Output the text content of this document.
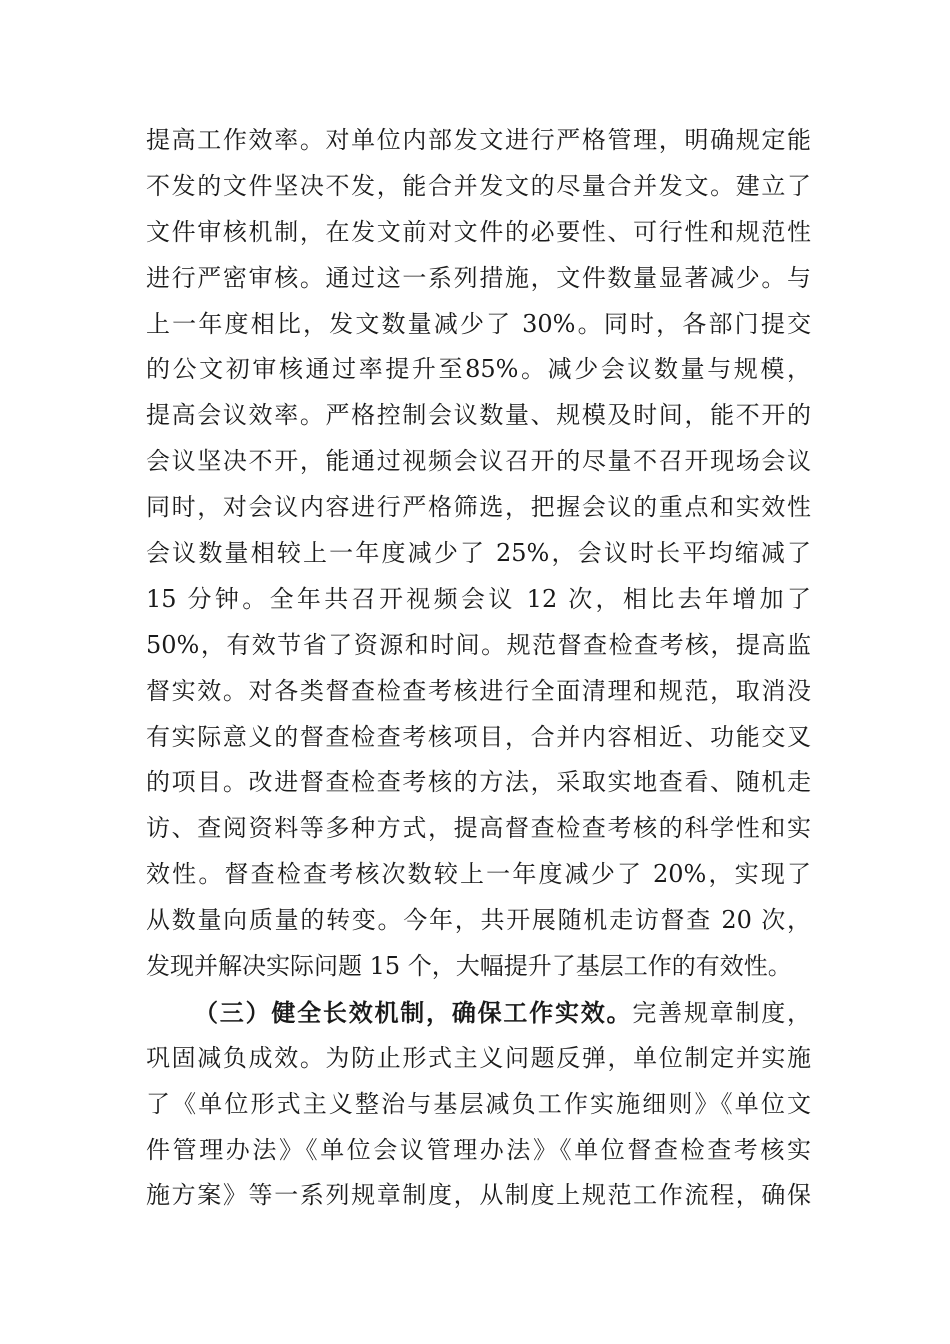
提高工作效率。对单位内部发文进行严格管理，明确规定能
不发的文件坚决不发，能合并发文的尽量合并发文。建立了
文件审核机制，在发文前对文件的必要性、可行性和规范性
进行严密审核。通过这一系列措施，文件数量显著减少。与
上一年度相比，发文数量减少了 30%。同时，各部门提交
的公文初审核通过率提升至85%。减少会议数量与规模，
提高会议效率。严格控制会议数量、规模及时间，能不开的
会议坚决不开，能通过视频会议召开的尽量不召开现场会议
同时，对会议内容进行严格筛选，把握会议的重点和实效性
会议数量相较上一年度减少了 25%，会议时长平均缩减了
15 分钟。全年共召开视频会议 12 次，相比去年增加了
50%，有效节省了资源和时间。规范督查检查考核，提高监
督实效。对各类督查检查考核进行全面清理和规范，取消没
有实际意义的督查检查考核项目，合并内容相近、功能交叉
的项目。改进督查检查考核的方法，采取实地查看、随机走
访、查阅资料等多种方式，提高督查检查考核的科学性和实
效性。督查检查考核次数较上一年度减少了 20%，实现了
从数量向质量的转变。今年，共开展随机走访督查 20 次，
发现并解决实际问题 15 个，大幅提升了基层工作的有效性。
（三）健全长效机制，确保工作实效。完善规章制度，
巩固减负成效。为防止形式主义问题反弹，单位制定并实施
了《单位形式主义整治与基层减负工作实施细则》《单位文
件管理办法》《单位会议管理办法》《单位督查检查考核实
施方案》等一系列规章制度，从制度上规范工作流程，确保
